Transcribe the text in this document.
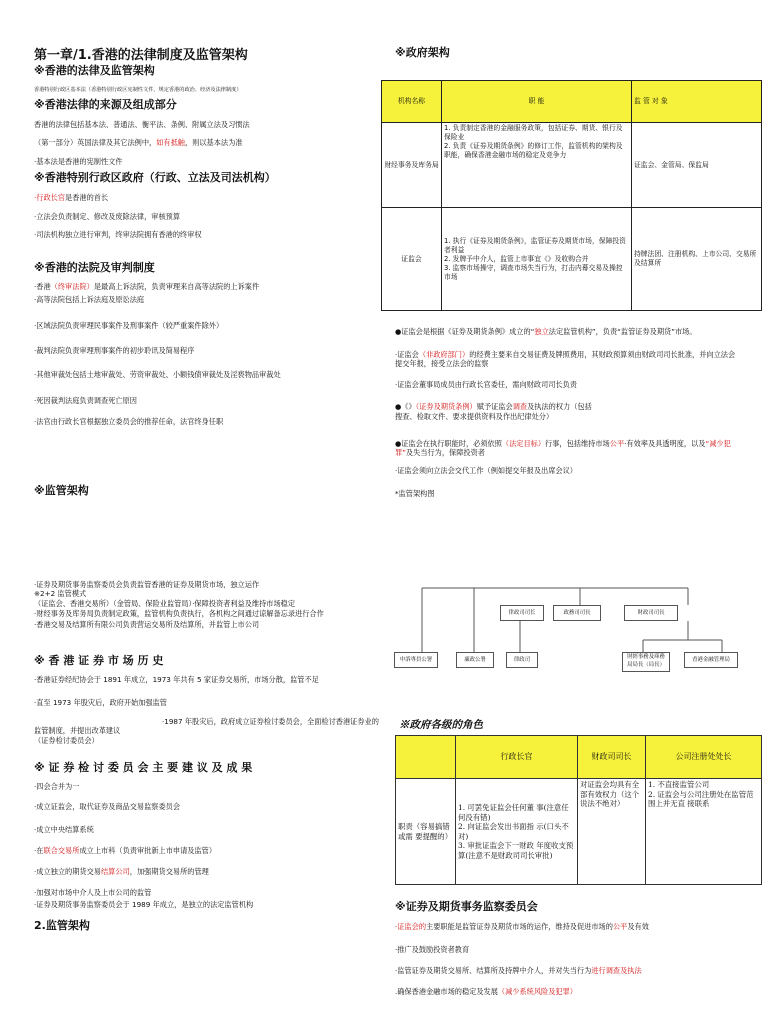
第一章/1.香港的法律制度及监管架构
※香港的法律及监管架构
香港特别行政区基本法（香港特别行政区宪制性文件，规定香港的政治、经济及法律制度）
※香港法律的来源及组成部分
香港的法律包括基本法、普通法、衡平法、条例、附属立法及习惯法
（第一部分）英国法律及其它法例中，如有抵触，则以基本法为准
·基本法是香港的宪制性文件
※香港特别行政区政府（行政、立法及司法机构）
·行政长官是香港的首长
·立法会负责制定、修改及废除法律，审核预算
·司法机构独立进行审判，终审法院拥有香港的终审权
※香港的法院及审判制度
·香港（终审法院）是最高上诉法院，负责审理来自高等法院的上诉案件
·高等法院包括上诉法庭及原讼法庭
·区域法院负责审理民事案件及刑事案件（较严重案件除外）
·裁判法院负责审理刑事案件的初步聆讯及简易程序
·其他审裁处包括土地审裁处、劳资审裁处、小额钱债审裁处及淫亵物品审裁处
·死因裁判法庭负责调查死亡原因
·法官由行政长官根据独立委员会的推荐任命，法官终身任职
※监管架构
·证券及期货事务监察委员会负责监管香港的证券及期货市场，独立运作
※2+2 监管模式
（证监会、香港交易所）（金管局、保险业监管局）·保障投资者利益及维持市场稳定
·财经事务及库务局负责制定政策，监管机构负责执行，各机构之间通过谅解备忘录进行合作
·香港交易及结算所有限公司负责营运交易所及结算所，并监管上市公司
※ 香 港 证 券 市 场 历 史
·香港证券经纪协会于 1891 年成立，1973 年共有 5 家证券交易所，市场分散，监管不足
·直至 1973 年股灾后，政府开始加强监管
·1987 年股灾后，政府成立证券检讨委员会，全面检讨香港证券业的监管制度，并提出改革建议
（证券检讨委员会）
※ 证 券 检 讨 委 员 会 主 要 建 议 及 成 果
·四会合并为一
·成立证监会，取代证券及商品交易监察委员会
·成立中央结算系统
·在联合交易所成立上市科（负责审批新上市申请及监管）
·成立独立的期货交易结算公司，加强期货交易所的管理
·加强对市场中介人及上市公司的监管
·证券及期货事务监察委员会于 1989 年成立，是独立的法定监管机构
2.监管架构
※政府架构
机构名称	职 能	监 管 对 象
财经事务及库务局	1. 负责制定香港的金融服务政策，包括证券、期货、银行及保险业
2. 负责《证券及期货条例》的修订工作，监管机构的架构及职能，确保香港金融市场的稳定及竞争力	证监会、金管局、保监局
证监会	1. 执行《证券及期货条例》，监管证券及期货市场，保障投资者利益
2. 发牌予中介人，监管上市事宜《》及收购合并
3. 监察市场操守，调查市场失当行为，打击内幕交易及操控市场	持牌法团、注册机构、上市公司、交易所及结算所
●证监会是根据《证券及期货条例》成立的“独立法定监管机构”，负责“监管证券及期货”市场。
·证监会（非政府部门）的经费主要来自交易征费及牌照费用，其财政预算须由财政司司长批准，并向立法会提交年报，接受立法会的监察
·证监会董事局成员由行政长官委任，需向财政司司长负责
●《》（证券及期货条例）赋予证监会调查及执法的权力（包括
搜查、检取文件、要求提供资料及作出纪律处分）
●证监会在执行职能时，必须依照（法定目标）行事，包括维持市场公平·有效率及具透明度，以及“减少犯罪”及失当行为，保障投资者
·证监会须向立法会交代工作（例如提交年报及出席会议）
*监管架构图
律政司司长	政務司司長	財政司司長
申訴專員公署	廉政公署	律政司	財經事務及庫務
局局長（局長）
香港金融管理局
※政府各级的角色
	行政长官	财政司司长	公司注册处处长
职责（容易搞错或需 要提醒的）	1. 可罢免证监会任何董 事(注意任何没有错)
2. 向证监会发出书面指 示(口头不对)
3. 审批证监会下一财政 年度收支预算(注意不是财政司司长审批)	对证监会均具有全 部有效权力（这个说法不绝对）	1. 不直接监管公司
2. 证监会与公司注册处在监管范围上并无直 接联系
※证券及期货事务监察委员会
·证监会的主要职能是监管证券及期货市场的运作，维持及促进市场的公平及有效
·推广及鼓励投资者教育
·监管证券及期货交易所、结算所及持牌中介人，并对失当行为进行调查及执法
.确保香港金融市场的稳定及发展（减少系统风险及犯罪）
